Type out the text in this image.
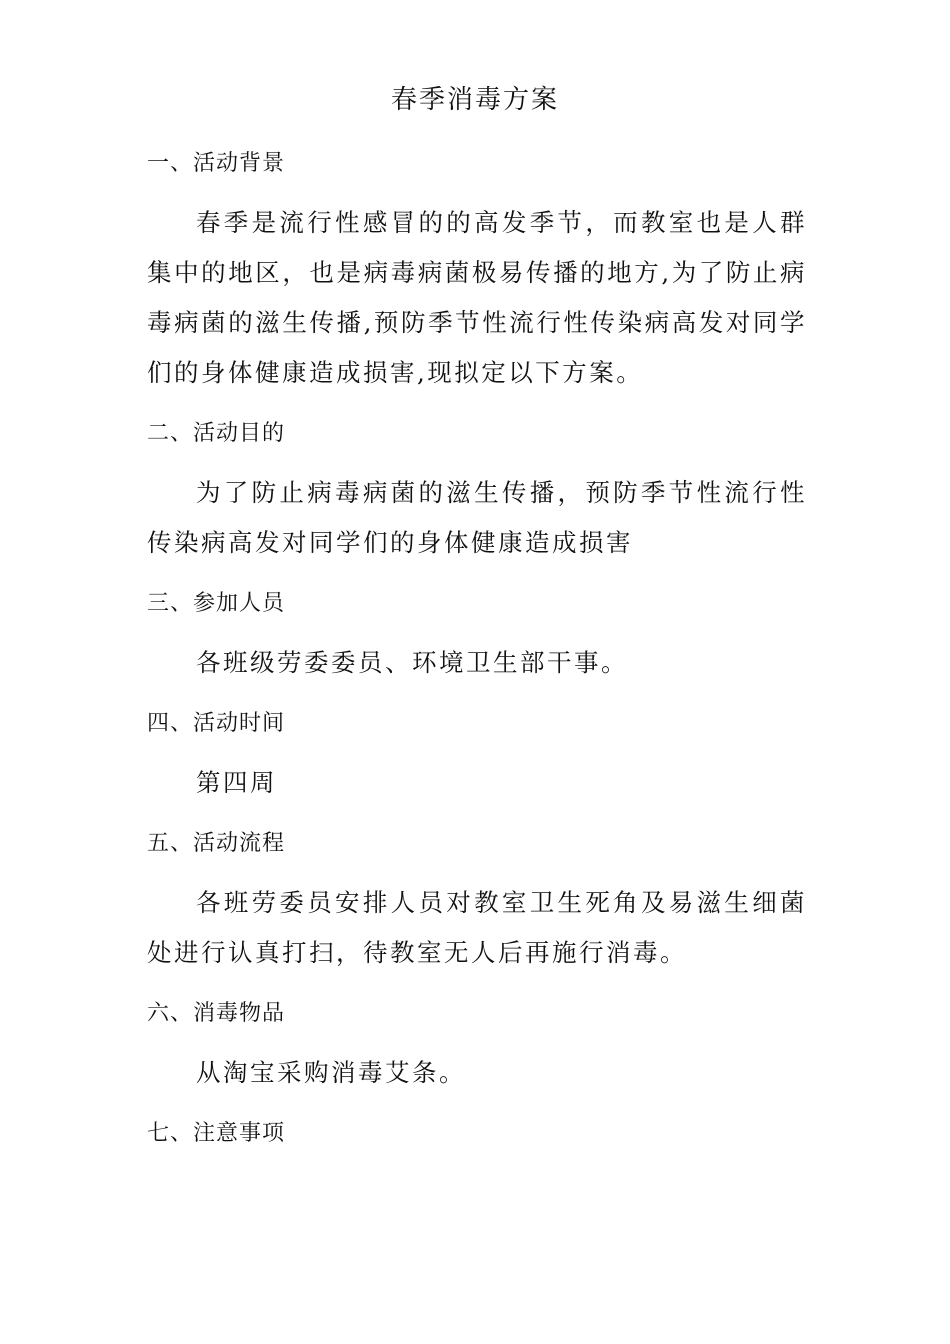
春季消毒方案
一、活动背景

春季是流行性感冒的的高发季节，而教室也是人群集中的地区，也是病毒病菌极易传播的地方,为了防止病毒病菌的滋生传播,预防季节性流行性传染病高发对同学们的身体健康造成损害,现拟定以下方案。

二、活动目的

为了防止病毒病菌的滋生传播，预防季节性流行性传染病高发对同学们的身体健康造成损害

三、参加人员

各班级劳委委员、环境卫生部干事。

四、活动时间

第四周

五、活动流程

各班劳委员安排人员对教室卫生死角及易滋生细菌处进行认真打扫，待教室无人后再施行消毒。

六、消毒物品

从淘宝采购消毒艾条。

七、注意事项
